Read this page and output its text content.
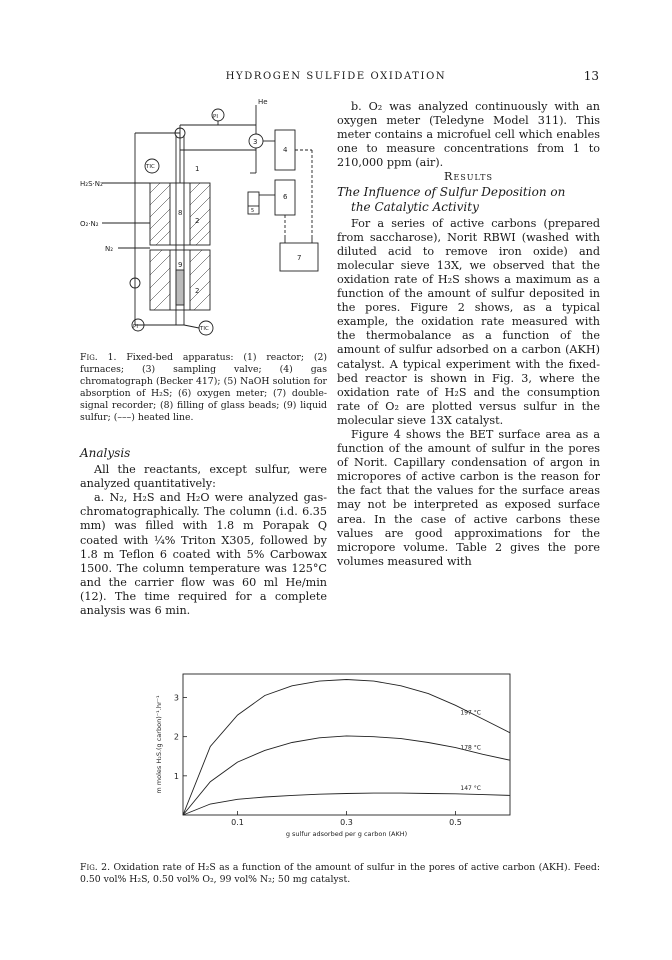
HYDROGEN SULFIDE OXIDATION	13
He
H₂S·N₂
O₂·N₂
N₂
PI
PI
TIC
TIC
1
2
2
3
4
5
6
7
8
9
Fig. 1. Fixed-bed apparatus: (1) reactor; (2) furnaces; (3) sampling valve; (4) gas chromatograph (Becker 417); (5) NaOH solution for absorption of H₂S; (6) oxygen meter; (7) double-signal recorder; (8) filling of glass beads; (9) liquid sulfur; (–––) heated line.
Analysis

All the reactants, except sulfur, were analyzed quantitatively:

a. N₂, H₂S and H₂O were analyzed gas-chromatographically. The column (i.d. 6.35 mm) was filled with 1.8 m Porapak Q coated with ¼% Triton X305, followed by 1.8 m Teflon 6 coated with 5% Carbowax 1500. The column temperature was 125°C and the carrier flow was 60 ml He/min (12). The time required for a complete analysis was 6 min.

b. O₂ was analyzed continuously with an oxygen meter (Teledyne Model 311). This meter contains a microfuel cell which enables one to measure concentrations from 1 to 210,000 ppm (air).

Results

The Influence of Sulfur Deposition on
the Catalytic Activity

For a series of active carbons (prepared from saccharose), Norit RBWI (washed with diluted acid to remove iron oxide) and molecular sieve 13X, we observed that the oxidation rate of H₂S shows a maximum as a function of the amount of sulfur deposited in the pores. Figure 2 shows, as a typical example, the oxidation rate measured with the thermobalance as a function of the amount of sulfur adsorbed on a carbon (AKH) catalyst. A typical experiment with the fixed-bed reactor is shown in Fig. 3, where the oxidation rate of H₂S and the consumption rate of O₂ are plotted versus sulfur in the molecular sieve 13X catalyst.

Figure 4 shows the BET surface area as a function of the amount of sulfur in the pores of Norit. Capillary condensation of argon in micropores of active carbon is the reason for the fact that the values for the surface areas may not be interpreted as exposed surface area. In the case of active carbons these values are good approximations for the micropore volume. Table 2 gives the pore volumes measured with

0.1	0.3	0.5
1
2
3
g sulfur adsorbed per g carbon (AKH)
m moles H₂S.(g carbon)⁻¹.hr⁻¹	197 °C
178 °C
147 °C
Fig. 2. Oxidation rate of H₂S as a function of the amount of sulfur in the pores of active carbon (AKH). Feed: 0.50 vol% H₂S, 0.50 vol% O₂, 99 vol% N₂; 50 mg catalyst.
